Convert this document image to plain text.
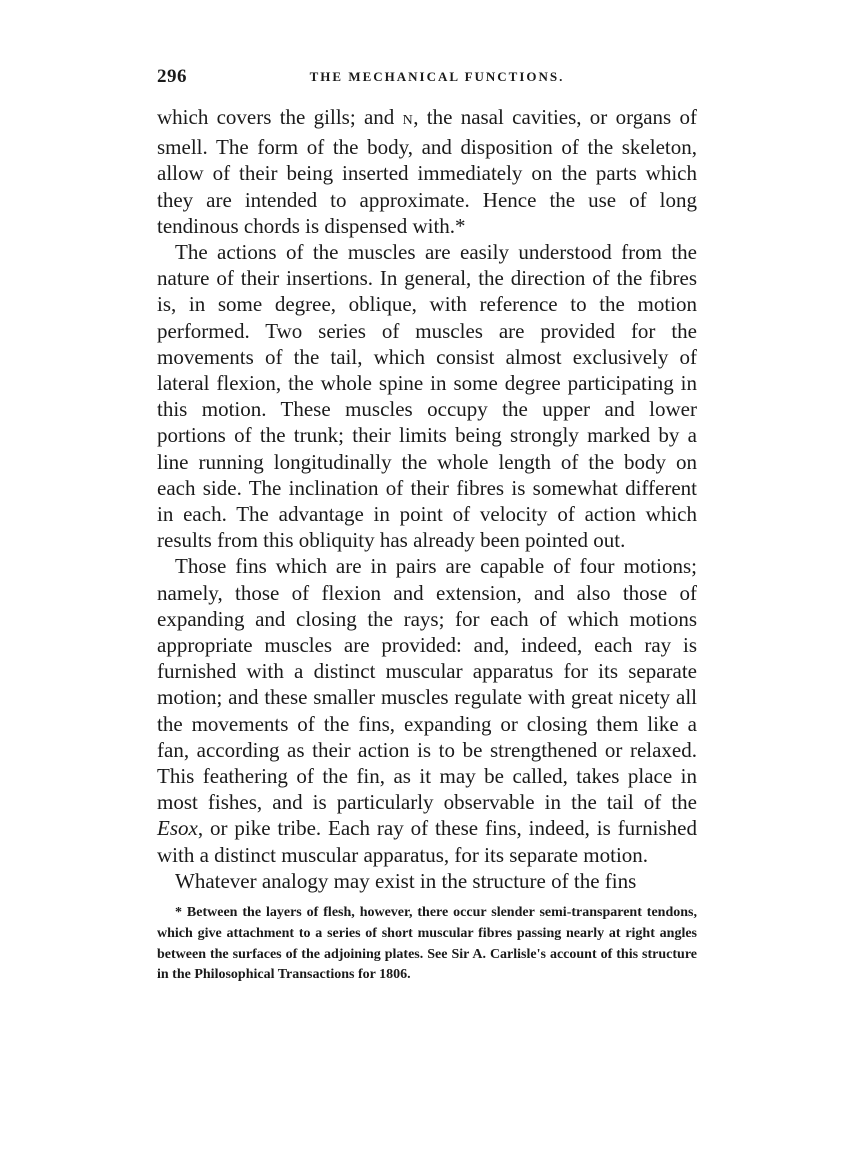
296	THE MECHANICAL FUNCTIONS.

which covers the gills; and N, the nasal cavities, or organs of smell. The form of the body, and disposition of the skeleton, allow of their being inserted immediately on the parts which they are intended to approximate. Hence the use of long tendinous chords is dispensed with.*

The actions of the muscles are easily understood from the nature of their insertions. In general, the direction of the fibres is, in some degree, oblique, with reference to the motion performed. Two series of muscles are provided for the movements of the tail, which consist almost exclusively of lateral flexion, the whole spine in some degree participating in this motion. These muscles occupy the upper and lower portions of the trunk; their limits being strongly marked by a line running longitudinally the whole length of the body on each side. The inclination of their fibres is somewhat different in each. The advantage in point of velocity of action which results from this obliquity has already been pointed out.

Those fins which are in pairs are capable of four motions; namely, those of flexion and extension, and also those of expanding and closing the rays; for each of which motions appropriate muscles are provided: and, indeed, each ray is furnished with a distinct muscular apparatus for its separate motion; and these smaller muscles regulate with great nicety all the movements of the fins, expanding or closing them like a fan, according as their action is to be strengthened or relaxed. This feathering of the fin, as it may be called, takes place in most fishes, and is particularly observable in the tail of the Esox, or pike tribe. Each ray of these fins, indeed, is furnished with a distinct muscular apparatus, for its separate motion.

Whatever analogy may exist in the structure of the fins

* Between the layers of flesh, however, there occur slender semi-transparent tendons, which give attachment to a series of short muscular fibres passing nearly at right angles between the surfaces of the adjoining plates. See Sir A. Carlisle's account of this structure in the Philosophical Transactions for 1806.
